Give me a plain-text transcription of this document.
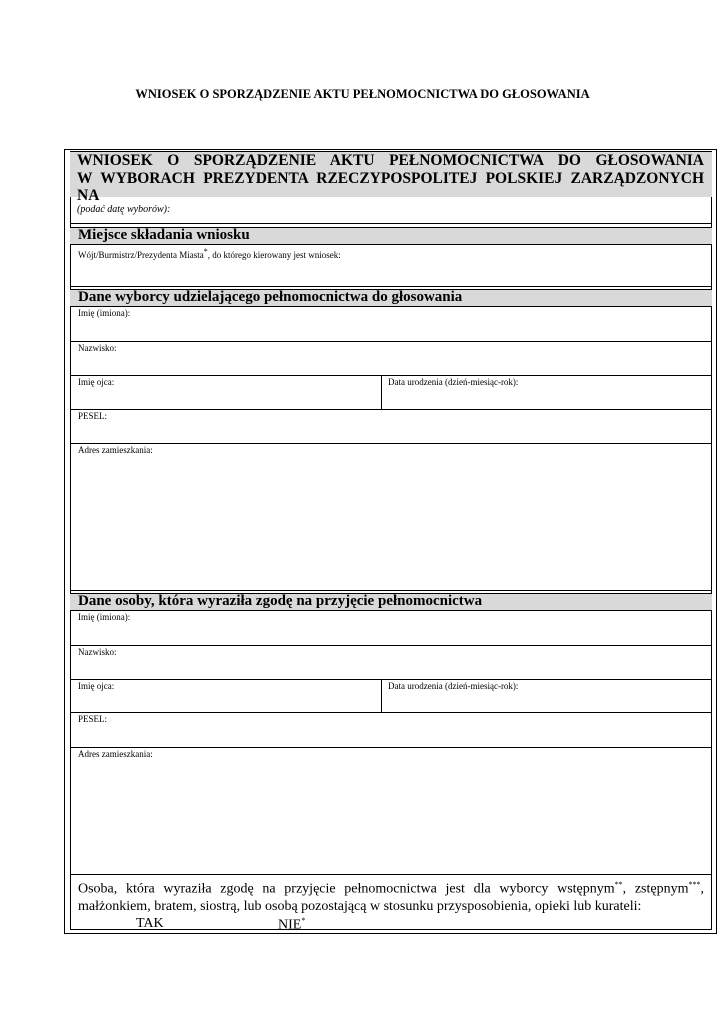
WNIOSEK O SPORZĄDZENIE AKTU PEŁNOMOCNICTWA DO GŁOSOWANIA
WNIOSEK O SPORZĄDZENIE AKTU PEŁNOMOCNICTWA DO GŁOSOWANIA
W WYBORACH PREZYDENTA RZECZYPOSPOLITEJ POLSKIEJ ZARZĄDZONYCH NA
(podać datę wyborów):
Miejsce składania wniosku
Wójt/Burmistrz/Prezydenta Miasta*, do którego kierowany jest wniosek:
Dane wyborcy udzielającego pełnomocnictwa do głosowania
Imię (imiona):
Nazwisko:
Imię ojca:	Data urodzenia (dzień-miesiąc-rok):
PESEL:
Adres zamieszkania:
Dane osoby, która wyraziła zgodę na przyjęcie pełnomocnictwa
Imię (imiona):
Nazwisko:
Imię ojca:	Data urodzenia (dzień-miesiąc-rok):
PESEL:
Adres zamieszkania:
Osoba, która wyraziła zgodę na przyjęcie pełnomocnictwa jest dla wyborcy wstępnym**, zstępnym***,
małżonkiem, bratem, siostrą, lub osobą pozostającą w stosunku przysposobienia, opieki lub kurateli:
TAK	NIE*
